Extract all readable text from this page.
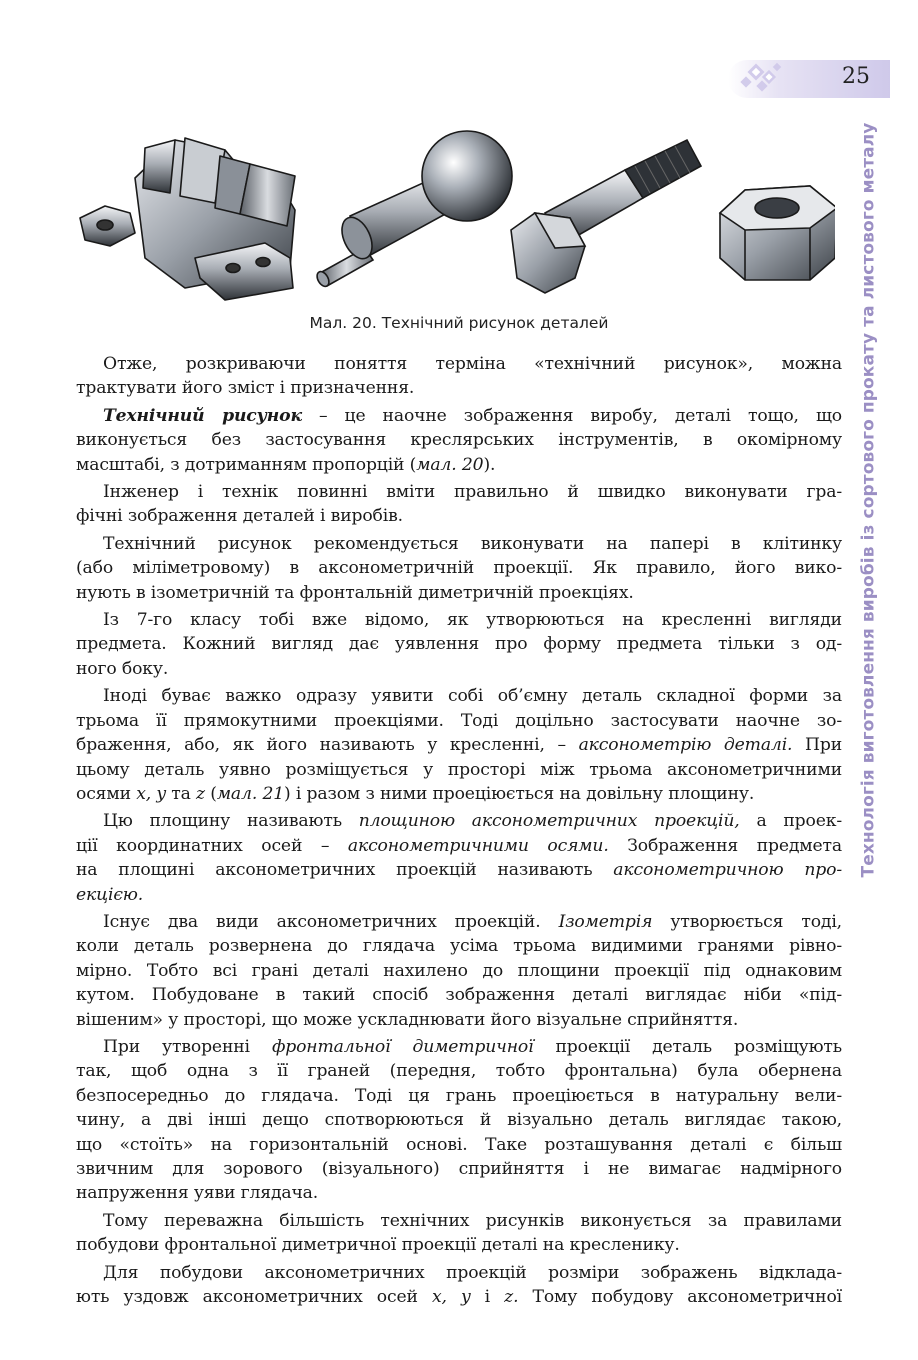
25
Технологія виготовлення виробів із сортового прокату та листового металу
Мал. 20. Технічний рисунок деталей

Отже, розкриваючи поняття терміна «технічний рисунок», можна
трактувати його зміст і призначення.

Технічний рисунок – це наочне зображення виробу, деталі тощо, що
виконується без застосування креслярських інструментів, в окомірному
масштабі, з дотриманням пропорцій (мал. 20).

Інженер і технік повинні вміти правильно й швидко виконувати гра-
фічні зображення деталей і виробів.

Технічний рисунок рекомендується виконувати на папері в клітинку
(або міліметровому) в аксонометричній проекції. Як правило, його вико-
нують в ізометричній та фронтальній диметричній проекціях.

Із 7-го класу тобі вже відомо, як утворюються на кресленні вигляди
предмета. Кожний вигляд дає уявлення про форму предмета тільки з од-
ного боку.

Іноді буває важко одразу уявити собі об’ємну деталь складної форми за
трьома її прямокутними проекціями. Тоді доцільно застосувати наочне зо-
браження, або, як його називають у кресленні, – аксонометрію деталі. При
цьому деталь уявно розміщується у просторі між трьома аксонометричними
осями x, y та z (мал. 21) і разом з ними проеціюється на довільну площину.

Цю площину називають площиною аксонометричних проекцій, а проек-
ції координатних осей – аксонометричними осями. Зображення предмета
на площині аксонометричних проекцій називають аксонометричною про-
екцією.

Існує два види аксонометричних проекцій. Ізометрія утворюється тоді,
коли деталь розвернена до глядача усіма трьома видимими гранями рівно-
мірно. Тобто всі грані деталі нахилено до площини проекції під однаковим
кутом. Побудоване в такий спосіб зображення деталі виглядає ніби «під-
вішеним» у просторі, що може ускладнювати його візуальне сприйняття.

При утворенні фронтальної диметричної проекції деталь розміщують
так, щоб одна з її граней (передня, тобто фронтальна) була обернена
безпосередньо до глядача. Тоді ця грань проеціюється в натуральну вели-
чину, а дві інші дещо спотворюються й візуально деталь виглядає такою,
що «стоїть» на горизонтальній основі. Таке розташування деталі є більш
звичним для зорового (візуального) сприйняття і не вимагає надмірного
напруження уяви глядача.

Тому переважна більшість технічних рисунків виконується за правилами
побудови фронтальної диметричної проекції деталі на кресленику.

Для побудови аксонометричних проекцій розміри зображень відклада-
ють уздовж аксонометричних осей x, y і z. Тому побудову аксонометричної
